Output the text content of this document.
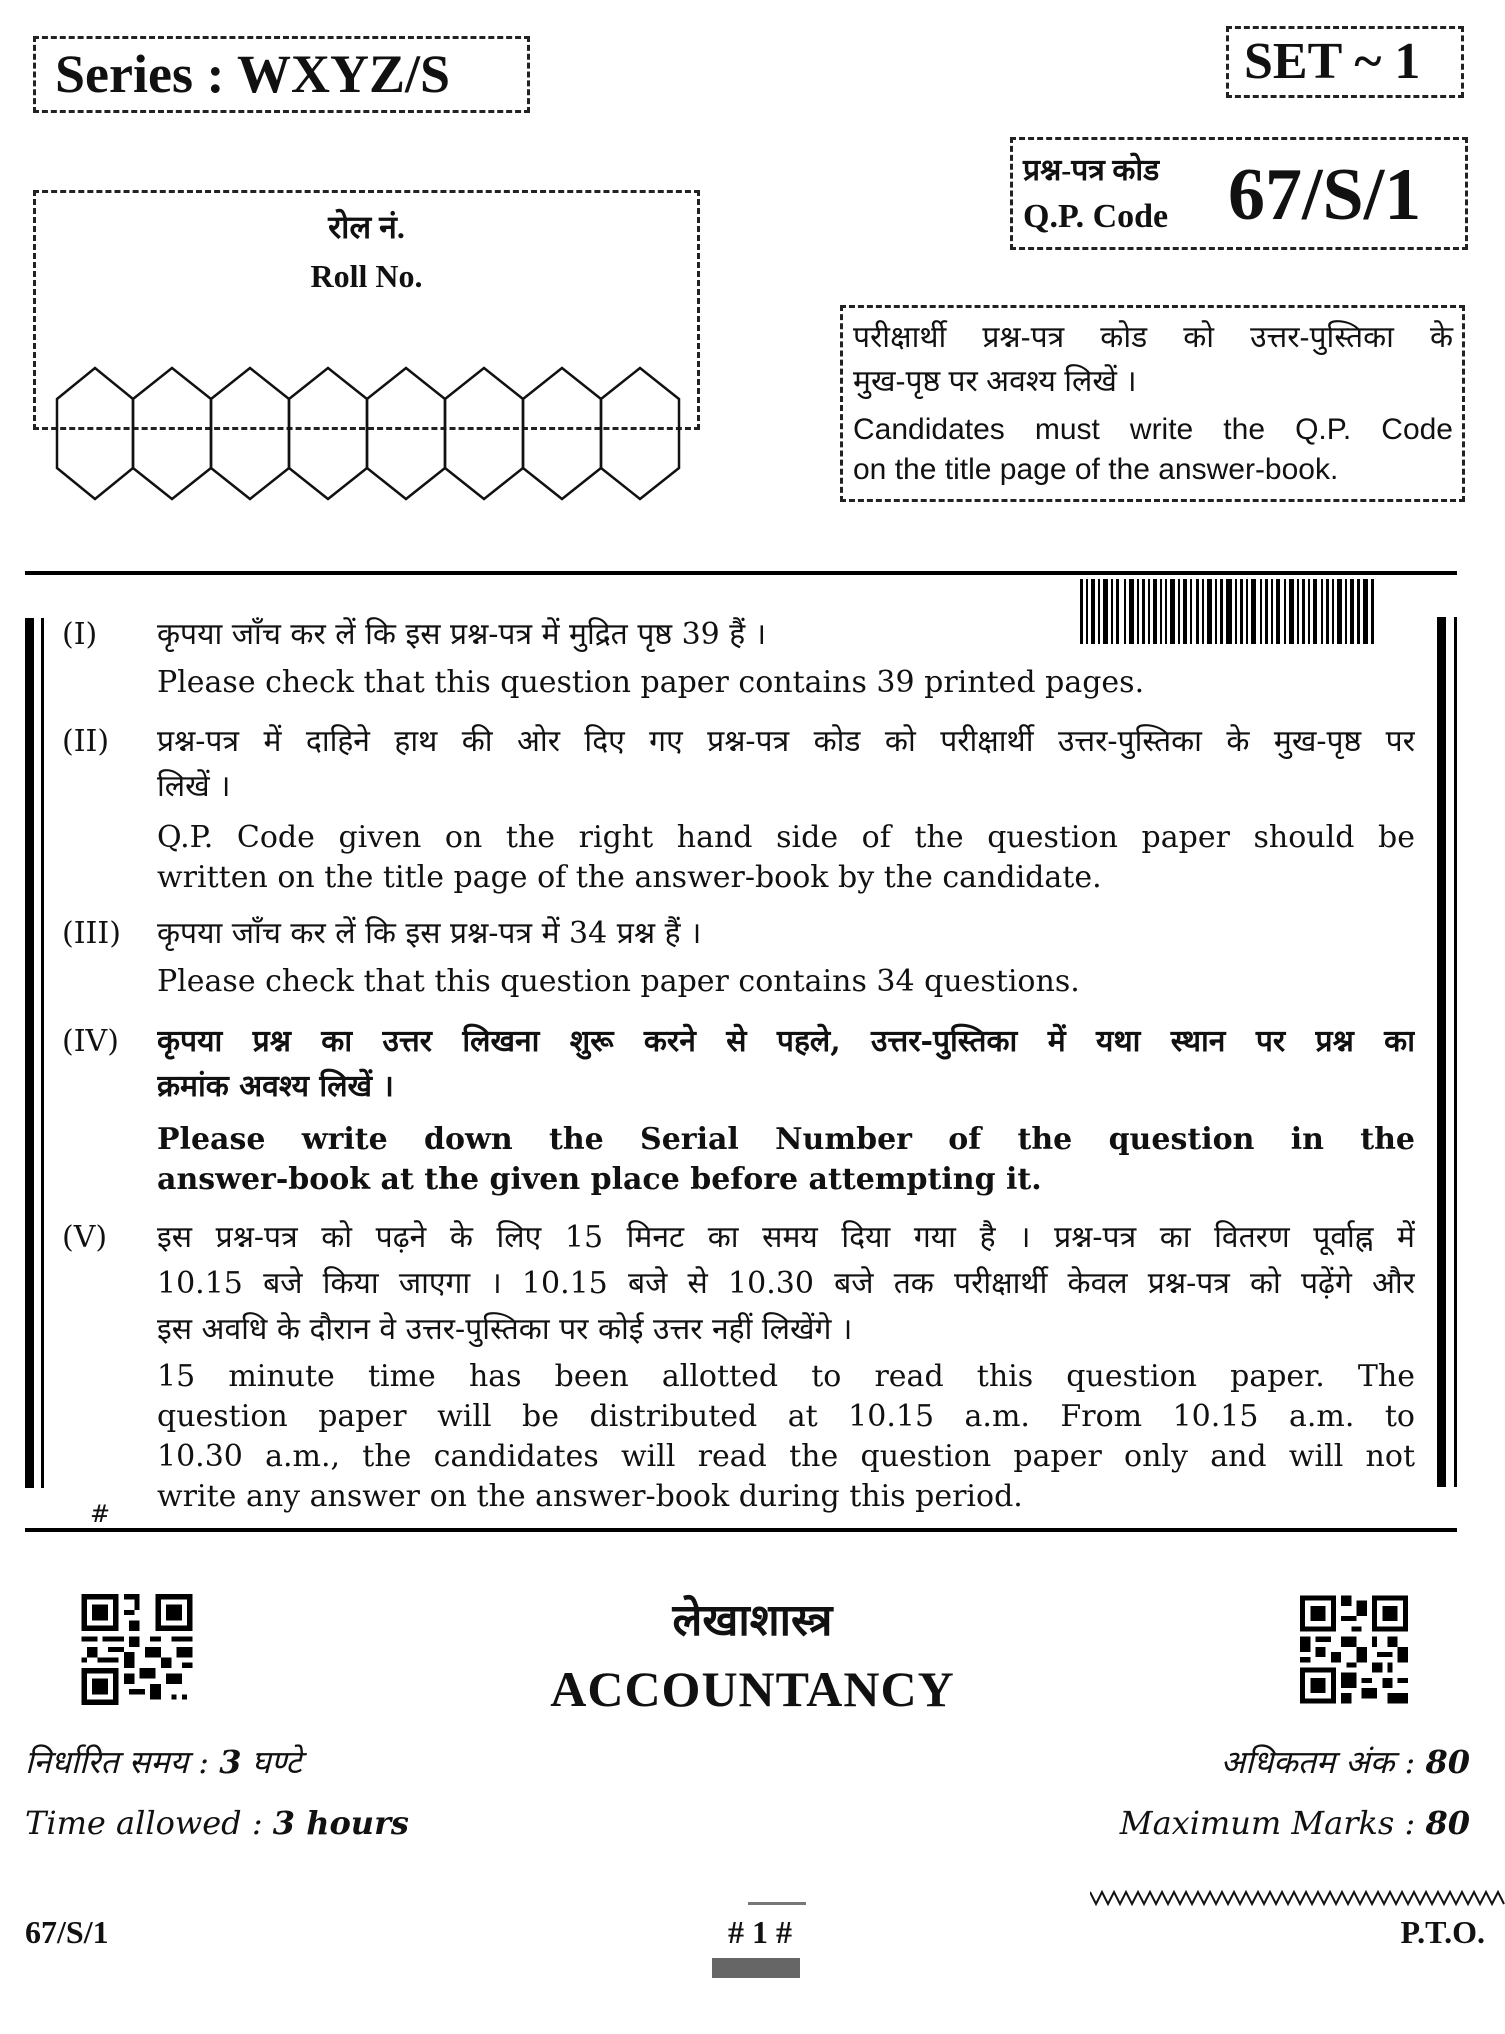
Series : WXYZ/S	SET ~ 1
रोल नं.
Roll No.
प्रश्न-पत्र कोड
Q.P. Code 67/S/1
परीक्षार्थी प्रश्न-पत्र कोड को उत्तर-पुस्तिका के
मुख-पृष्ठ पर अवश्य लिखें ।
Candidates must write the Q.P. Code
on the title page of the answer-book.
(I) कृपया जाँच कर लें कि इस प्रश्न-पत्र में मुद्रित पृष्ठ 39 हैं ।
Please check that this question paper contains 39 printed pages.
(II) प्रश्न-पत्र में दाहिने हाथ की ओर दिए गए प्रश्न-पत्र कोड को परीक्षार्थी उत्तर-पुस्तिका के मुख-पृष्ठ पर
लिखें ।
Q.P. Code given on the right hand side of the question paper should be
written on the title page of the answer-book by the candidate.
(III) कृपया जाँच कर लें कि इस प्रश्न-पत्र में 34 प्रश्न हैं ।
Please check that this question paper contains 34 questions.
(IV) कृपया प्रश्न का उत्तर लिखना शुरू करने से पहले, उत्तर-पुस्तिका में यथा स्थान पर प्रश्न का
क्रमांक अवश्य लिखें ।
Please write down the Serial Number of the question in the
answer-book at the given place before attempting it.
(V) इस प्रश्न-पत्र को पढ़ने के लिए 15 मिनट का समय दिया गया है । प्रश्न-पत्र का वितरण पूर्वाह्न में
10.15 बजे किया जाएगा । 10.15 बजे से 10.30 बजे तक परीक्षार्थी केवल प्रश्न-पत्र को पढ़ेंगे और
इस अवधि के दौरान वे उत्तर-पुस्तिका पर कोई उत्तर नहीं लिखेंगे ।
15 minute time has been allotted to read this question paper. The
question paper will be distributed at 10.15 a.m. From 10.15 a.m. to
10.30 a.m., the candidates will read the question paper only and will not
write any answer on the answer-book during this period.
#
लेखाशास्त्र
ACCOUNTANCY
निर्धारित समय : 3 घण्टे
Time allowed : 3 hours
अधिकतम अंक : 80
Maximum Marks : 80
67/S/1	# 1 #	P.T.O.
